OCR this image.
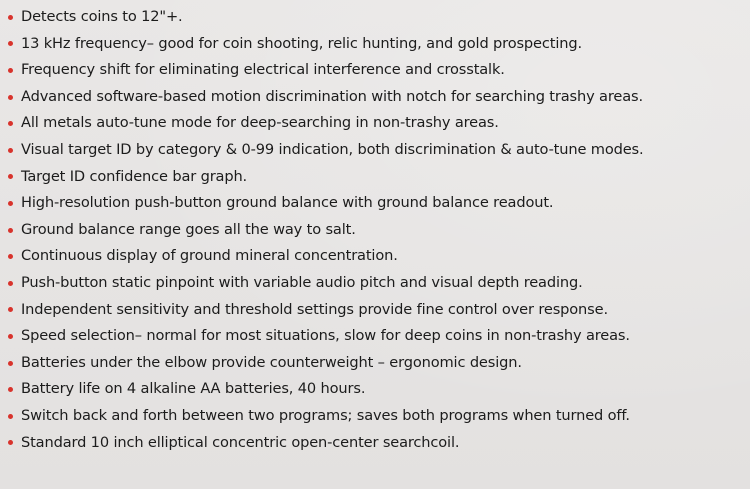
Detects coins to 12"+.
13 kHz frequency– good for coin shooting, relic hunting, and gold prospecting.
Frequency shift for eliminating electrical interference and crosstalk.
Advanced software-based motion discrimination with notch for searching trashy areas.
All metals auto-tune mode for deep-searching in non-trashy areas.
Visual target ID by category & 0-99 indication, both discrimination & auto-tune modes.
Target ID confidence bar graph.
High-resolution push-button ground balance with ground balance readout.
Ground balance range goes all the way to salt.
Continuous display of ground mineral concentration.
Push-button static pinpoint with variable audio pitch and visual depth reading.
Independent sensitivity and threshold settings provide fine control over response.
Speed selection– normal for most situations, slow for deep coins in non-trashy areas.
Batteries under the elbow provide counterweight – ergonomic design.
Battery life on 4 alkaline AA batteries, 40 hours.
Switch back and forth between two programs; saves both programs when turned off.
Standard 10 inch elliptical concentric open-center searchcoil.
